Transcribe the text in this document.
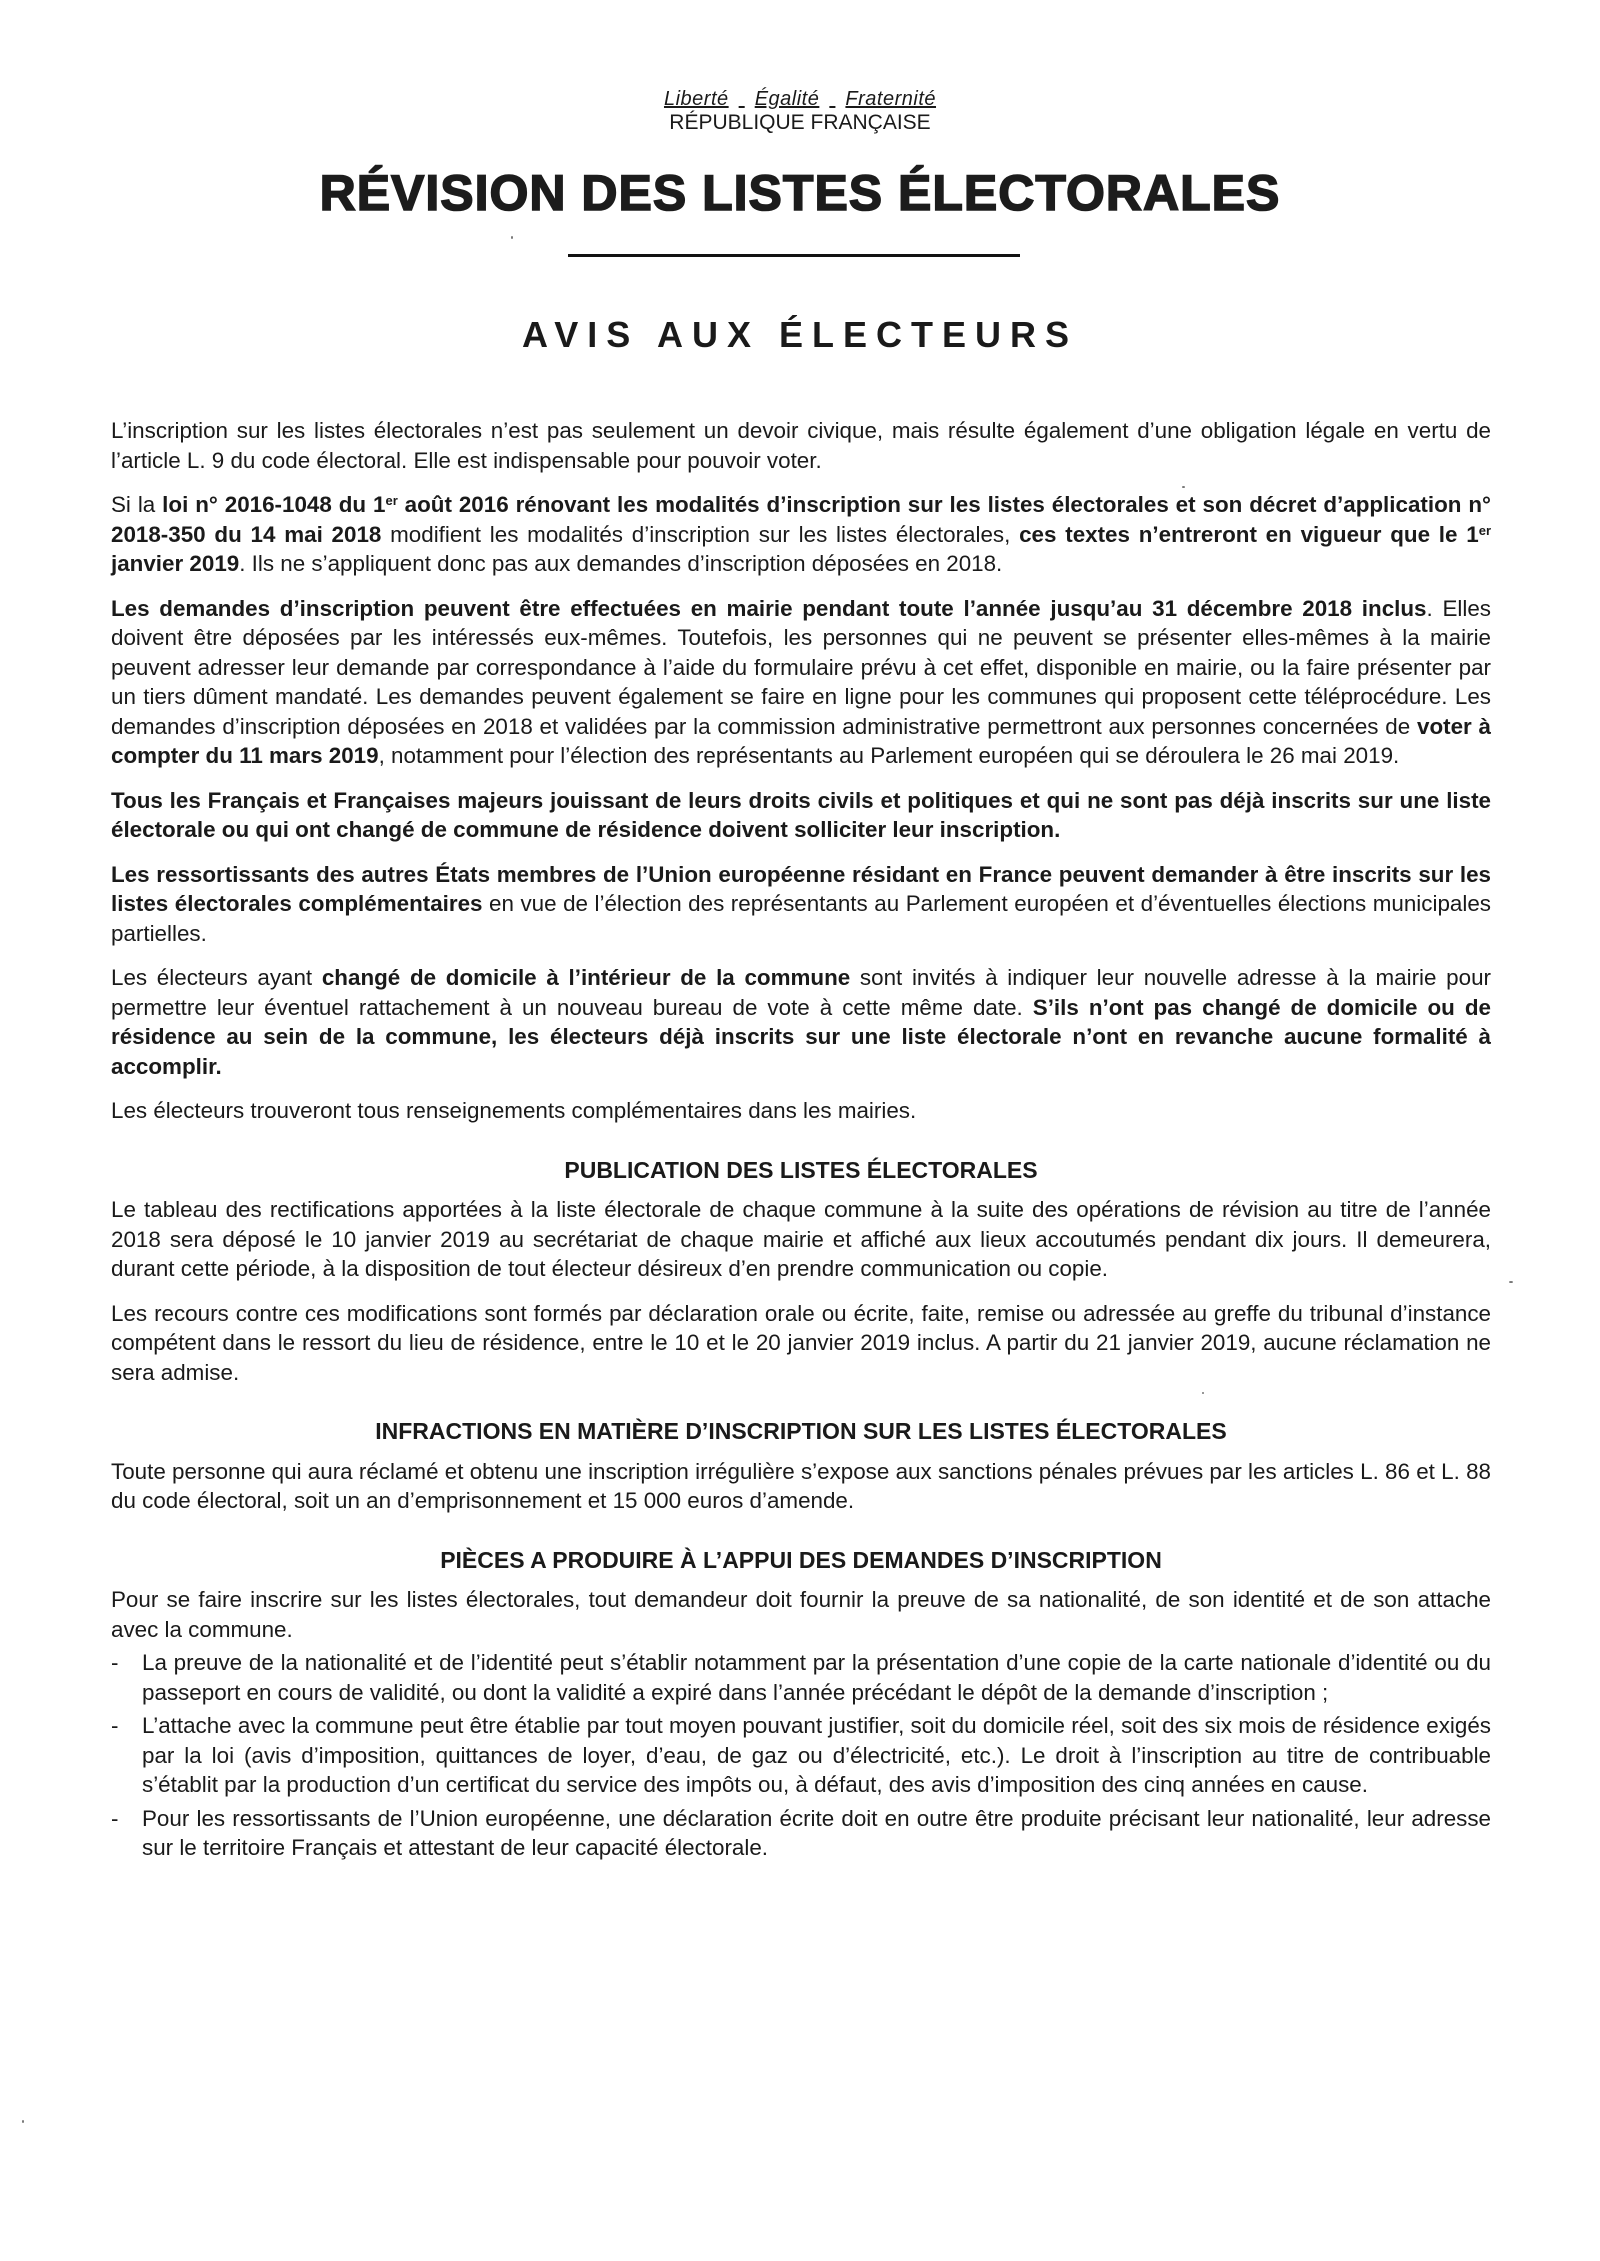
Liberté Égalité Fraternité
RÉPUBLIQUE FRANÇAISE
RÉVISION DES LISTES ÉLECTORALES
AVIS AUX ÉLECTEURS

L’inscription sur les listes électorales n’est pas seulement un devoir civique, mais résulte également d’une obligation légale en vertu de l’article L. 9 du code électoral. Elle est indispensable pour pouvoir voter.

Si la loi n° 2016-1048 du 1er août 2016 rénovant les modalités d’inscription sur les listes électorales et son décret d’application n° 2018-350 du 14 mai 2018 modifient les modalités d’inscription sur les listes électorales, ces textes n’entreront en vigueur que le 1er janvier 2019. Ils ne s’appliquent donc pas aux demandes d’inscription déposées en 2018.

Les demandes d’inscription peuvent être effectuées en mairie pendant toute l’année jusqu’au 31 décembre 2018 inclus. Elles doivent être déposées par les intéressés eux-mêmes. Toutefois, les personnes qui ne peuvent se présenter elles-mêmes à la mairie peuvent adresser leur demande par correspondance à l’aide du formulaire prévu à cet effet, disponible en mairie, ou la faire présenter par un tiers dûment mandaté. Les demandes peuvent également se faire en ligne pour les communes qui proposent cette téléprocédure. Les demandes d’inscription déposées en 2018 et validées par la commission administrative permettront aux personnes concernées de voter à compter du 11 mars 2019, notamment pour l’élection des représentants au Parlement européen qui se déroulera le 26 mai 2019.

Tous les Français et Françaises majeurs jouissant de leurs droits civils et politiques et qui ne sont pas déjà inscrits sur une liste électorale ou qui ont changé de commune de résidence doivent solliciter leur inscription.

Les ressortissants des autres États membres de l’Union européenne résidant en France peuvent demander à être inscrits sur les listes électorales complémentaires en vue de l’élection des représentants au Parlement européen et d’éventuelles élections municipales partielles.

Les électeurs ayant changé de domicile à l’intérieur de la commune sont invités à indiquer leur nouvelle adresse à la mairie pour permettre leur éventuel rattachement à un nouveau bureau de vote à cette même date. S’ils n’ont pas changé de domicile ou de résidence au sein de la commune, les électeurs déjà inscrits sur une liste électorale n’ont en revanche aucune formalité à accomplir.

Les électeurs trouveront tous renseignements complémentaires dans les mairies.

PUBLICATION DES LISTES ÉLECTORALES

Le tableau des rectifications apportées à la liste électorale de chaque commune à la suite des opérations de révision au titre de l’année 2018 sera déposé le 10 janvier 2019 au secrétariat de chaque mairie et affiché aux lieux accoutumés pendant dix jours. Il demeurera, durant cette période, à la disposition de tout électeur désireux d’en prendre communication ou copie.

Les recours contre ces modifications sont formés par déclaration orale ou écrite, faite, remise ou adressée au greffe du tribunal d’instance compétent dans le ressort du lieu de résidence, entre le 10 et le 20 janvier 2019 inclus. A partir du 21 janvier 2019, aucune réclamation ne sera admise.

INFRACTIONS EN MATIÈRE D’INSCRIPTION SUR LES LISTES ÉLECTORALES

Toute personne qui aura réclamé et obtenu une inscription irrégulière s’expose aux sanctions pénales prévues par les articles L. 86 et L. 88 du code électoral, soit un an d’emprisonnement et 15 000 euros d’amende.

PIÈCES A PRODUIRE À L’APPUI DES DEMANDES D’INSCRIPTION

Pour se faire inscrire sur les listes électorales, tout demandeur doit fournir la preuve de sa nationalité, de son identité et de son attache avec la commune.

- La preuve de la nationalité et de l’identité peut s’établir notamment par la présentation d’une copie de la carte nationale d’identité ou du passeport en cours de validité, ou dont la validité a expiré dans l’année précédant le dépôt de la demande d’inscription ;
- L’attache avec la commune peut être établie par tout moyen pouvant justifier, soit du domicile réel, soit des six mois de résidence exigés par la loi (avis d’imposition, quittances de loyer, d’eau, de gaz ou d’électricité, etc.). Le droit à l’inscription au titre de contribuable s’établit par la production d’un certificat du service des impôts ou, à défaut, des avis d’imposition des cinq années en cause.
- Pour les ressortissants de l’Union européenne, une déclaration écrite doit en outre être produite précisant leur nationalité, leur adresse sur le territoire Français et attestant de leur capacité électorale.
